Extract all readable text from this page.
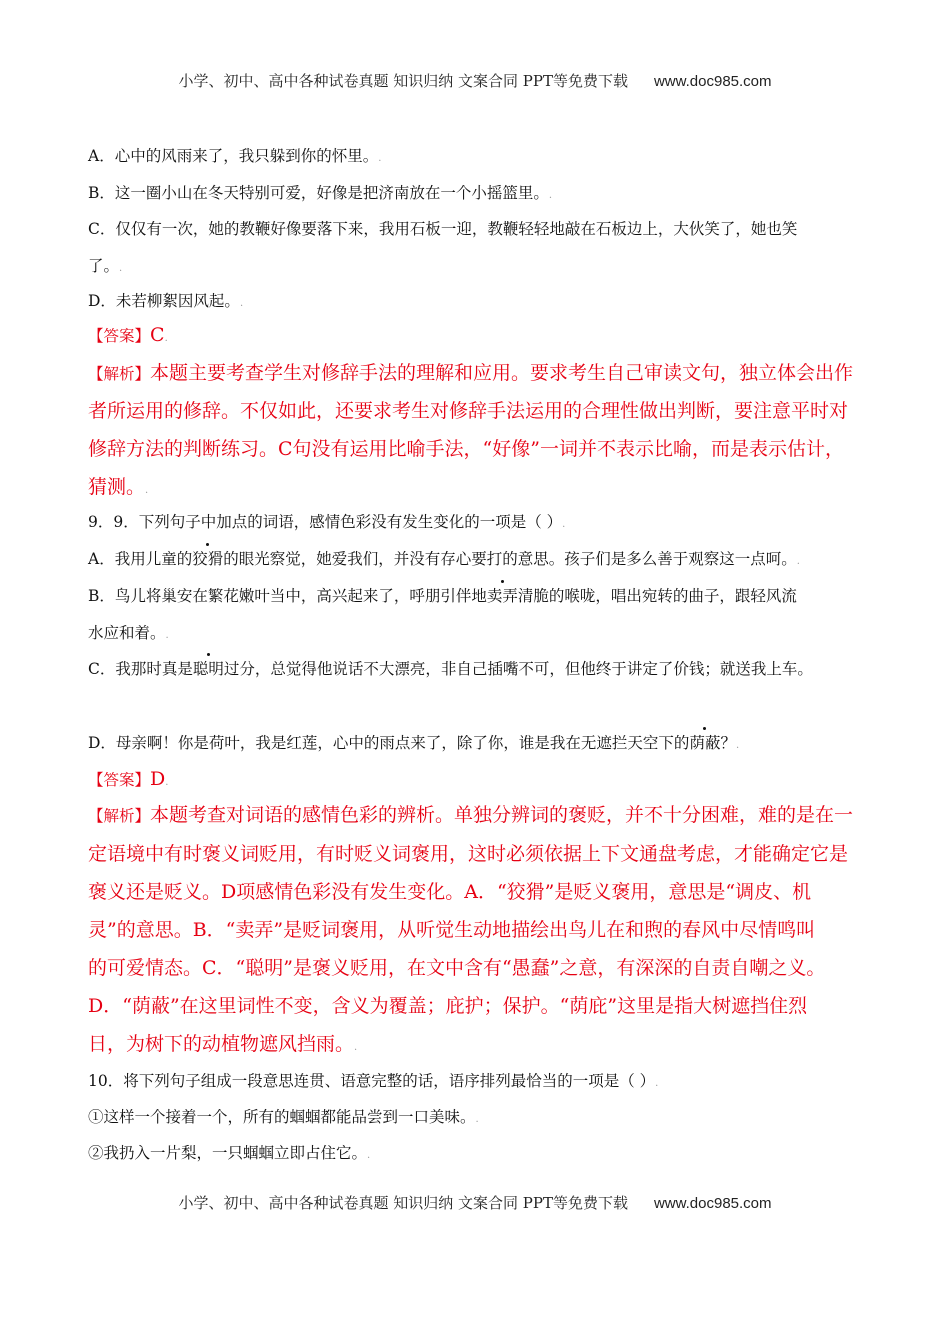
小学、初中、高中各种试卷真题 知识归纳 文案合同 PPT等免费下载 www.doc985.com
A．心中的风雨来了，我只躲到你的怀里。.
B．这一圈小山在冬天特别可爱，好像是把济南放在一个小摇篮里。.
C．仅仅有一次，她的教鞭好像要落下来，我用石板一迎，教鞭轻轻地敲在石板边上，大伙笑了，她也笑
了。.
D．未若柳絮因风起。.
【答案】C.
【解析】本题主要考查学生对修辞手法的理解和应用。要求考生自己审读文句，独立体会出作
者所运用的修辞。不仅如此，还要求考生对修辞手法运用的合理性做出判断，要注意平时对
修辞方法的判断练习。C句没有运用比喻手法，“好像”一词并不表示比喻，而是表示估计，
猜测。.
9．9．下列句子中加点的词语，感情色彩没有发生变化的一项是（ ）.
A．我用儿童的狡猾的眼光察觉，她爱我们，并没有存心要打的意思。孩子们是多么善于观察这一点呵。.
B．鸟儿将巢安在繁花嫩叶当中，高兴起来了，呼朋引伴地卖弄清脆的喉咙，唱出宛转的曲子，跟轻风流
水应和着。.
C．我那时真是聪明过分，总觉得他说话不大漂亮，非自己插嘴不可，但他终于讲定了价钱；就送我上车。
D．母亲啊！你是荷叶，我是红莲，心中的雨点来了，除了你，谁是我在无遮拦天空下的荫蔽？.
【答案】D.
【解析】本题考查对词语的感情色彩的辨析。单独分辨词的褒贬，并不十分困难，难的是在一
定语境中有时褒义词贬用，有时贬义词褒用，这时必须依据上下文通盘考虑，才能确定它是
褒义还是贬义。D项感情色彩没有发生变化。A．“狡猾”是贬义褒用，意思是“调皮、机
灵”的意思。B．“卖弄”是贬词褒用，从听觉生动地描绘出鸟儿在和煦的春风中尽情鸣叫
的可爱情态。C．“聪明”是褒义贬用，在文中含有“愚蠢”之意，有深深的自责自嘲之义。
D．“荫蔽”在这里词性不变，含义为覆盖；庇护；保护。“荫庇”这里是指大树遮挡住烈
日，为树下的动植物遮风挡雨。.
10．将下列句子组成一段意思连贯、语意完整的话，语序排列最恰当的一项是（ ）.
①这样一个接着一个，所有的蝈蝈都能品尝到一口美味。.
②我扔入一片梨，一只蝈蝈立即占住它。.
小学、初中、高中各种试卷真题 知识归纳 文案合同 PPT等免费下载 www.doc985.com
